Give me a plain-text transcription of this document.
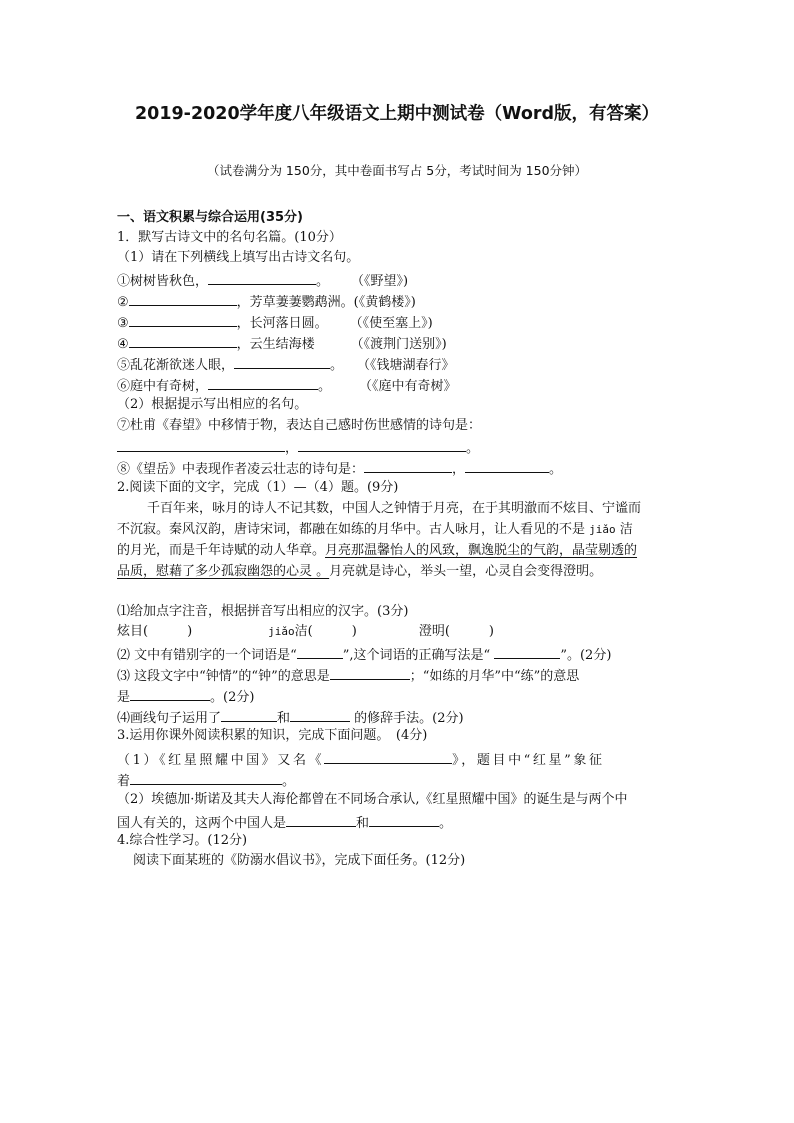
2019-2020学年度八年级语文上期中测试卷（Word版，有答案）
（试卷满分为 150分，其中卷面书写占 5分，考试时间为 150分钟）
一、语文积累与综合运用(35分)
1．默写古诗文中的名句名篇。(10分）
（1）请在下列横线上填写出古诗文名句。
①树树皆秋色，	。 （《野望》)
②	，芳草萋萋鹦鹉洲。(《黄鹤楼》)
③	，长河落日圆。 （《使至塞上》)
④	，云生结海楼	（《渡荆门送别》)
⑤乱花渐欲迷人眼，	。 （《钱塘湖春行》
⑥庭中有奇树，	。 （《庭中有奇树》
（2）根据提示写出相应的名句。
⑦杜甫《春望》中移情于物，表达自己感时伤世感情的诗句是：
，	。
⑧《望岳》中表现作者凌云壮志的诗句是：	，	。
2.阅读下面的文字，完成（1）—（4）题。(9分)
千百年来，咏月的诗人不记其数，中国人之钟情于月亮，在于其明澈而不炫目、宁谧而
不沉寂。秦风汉韵，唐诗宋词，都融在如练的月华中。古人咏月，让人看见的不是 jiǎo 洁
的月光，而是千年诗赋的动人华章。月亮那温馨怡人的风致，飘逸脱尘的气韵，晶莹剔透的
品质，慰藉了多少孤寂幽怨的心灵 。月亮就是诗心，举头一望，心灵自会变得澄明。
⑴给加点字注音，根据拼音写出相应的汉字。(3分)
炫目(　　　)	jiǎo洁(　　　)	澄明(　　　)
⑵ 文中有错别字的一个词语是“	”,这个词语的正确写法是“	”。(2分)
⑶ 这段文字中“钟情”的“钟”的意思是	；“如练的月华”中“练”的意思
是	。(2分)
⑷画线句子运用了	和	的修辞手法。(2分)
3.运用你课外阅读积累的知识，完成下面问题。　(4分)
（1）《红星照耀中国》又名《	》，题目中“红星”象征
着	。
（2）埃德加·斯诺及其夫人海伦都曾在不同场合承认,《红星照耀中国》的诞生是与两个中
国人有关的，这两个中国人是	和	。
4.综合性学习。(12分)
阅读下面某班的《防溺水倡议书》，完成下面任务。(12分)
